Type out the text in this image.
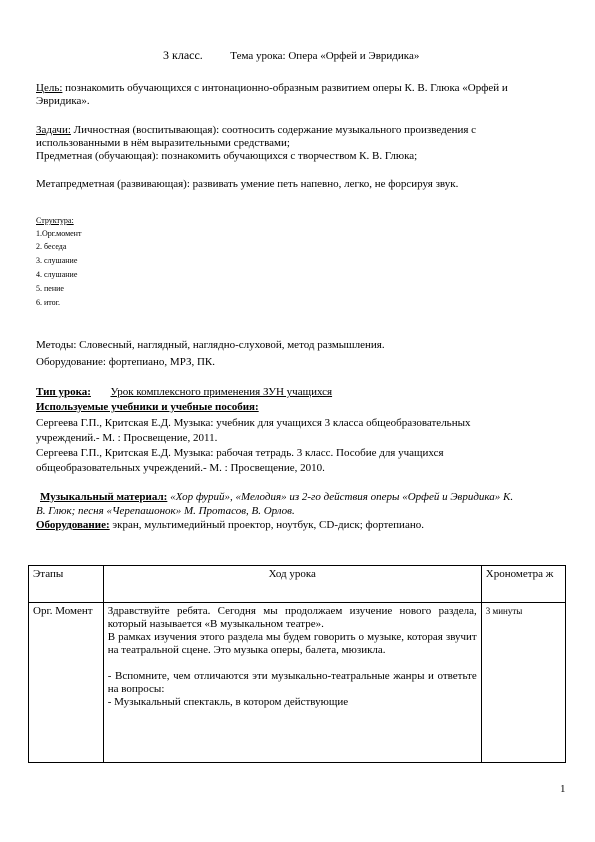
3 класс.	Тема урока: Опера «Орфей и Эвридика»
Цель: познакомить обучающихся с интонационно-образным развитием оперы К. В. Глюка «Орфей и
Эвридика».
Задачи: Личностная (воспитывающая): соотносить содержание музыкального произведения с
использованными в нём выразительными средствами;
Предметная (обучающая): познакомить обучающихся с творчеством К. В. Глюка;
Метапредметная (развивающая): развивать умение петь напевно, легко, не форсируя звук.
Структура:
1.Орг.момент
2. беседа
3. слушание
4. слушание
5. пение
6. итог.
Методы: Словесный, наглядный, наглядно-слуховой, метод размышления.
Оборудование: фортепиано, МРЗ, ПК.
Тип урока: Урок комплексного применения ЗУН учащихся
Используемые учебники и учебные пособия:
Сергеева Г.П., Критская Е.Д. Музыка: учебник для учащихся 3 класса общеобразовательных
учреждений.- М. : Просвещение, 2011.
Сергеева Г.П., Критская Е.Д. Музыка: рабочая тетрадь. 3 класс. Пособие для учащихся
общеобразовательных учреждений.- М. : Просвещение, 2010.
Музыкальный материал: «Хор фурий», «Мелодия» из 2-го действия оперы «Орфей и Эвридика» К.
В. Глюк; песня «Черепашонок» М. Протасов, В. Орлов.
Оборудование: экран, мультимедийный проектор, ноутбук, CD-диск; фортепиано.
Этапы	Ход урока	Хронометра ж
Орг. Момент	Здравствуйте ребята. Сегодня мы продолжаем изучение нового раздела, который называется «В музыкальном театре».

В рамках изучения этого раздела мы будем говорить о музыке, которая звучит на театральной сцене. Это музыка оперы, балета, мюзикла.

- Вспомните, чем отличаются эти музыкально-театральные жанры и ответьте на вопросы:

- Музыкальный спектакль, в котором действующие	3 минуты
1
